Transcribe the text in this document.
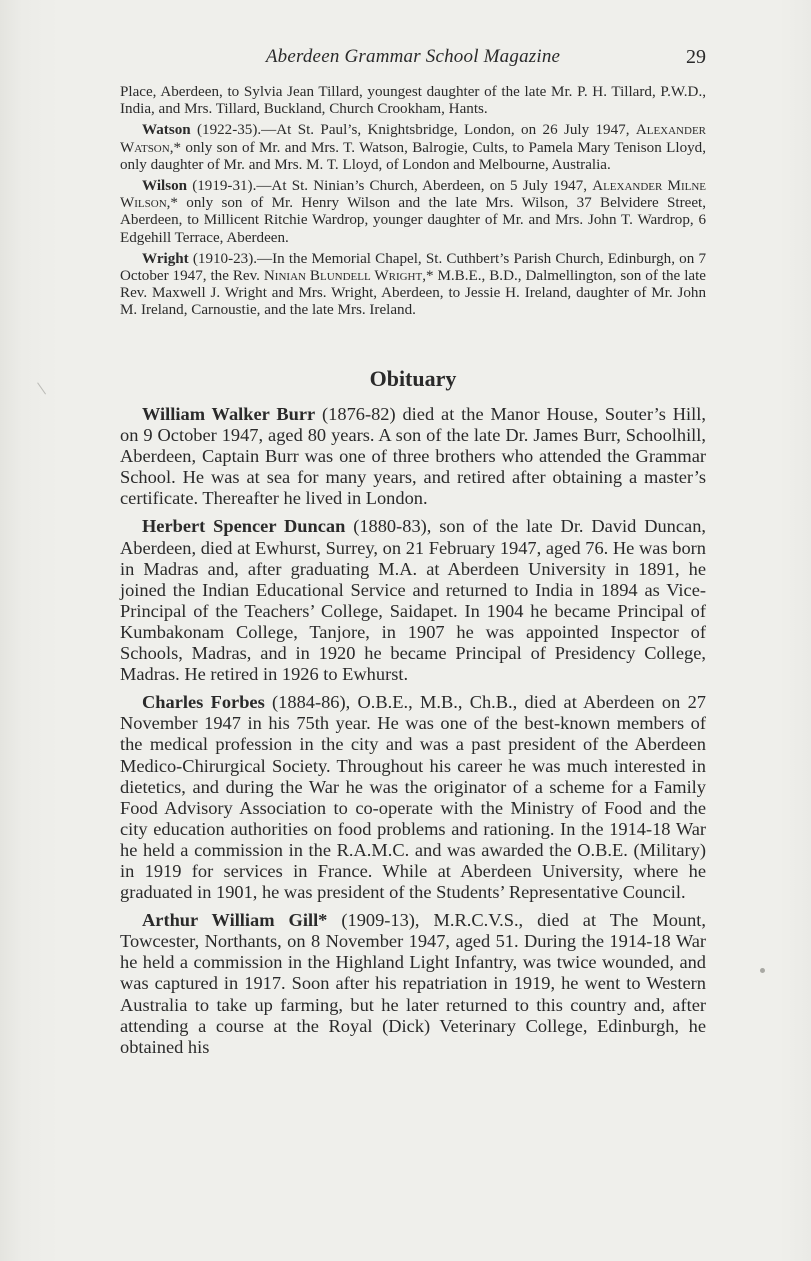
Aberdeen Grammar School Magazine	29

Place, Aberdeen, to Sylvia Jean Tillard, youngest daughter of the late Mr. P. H. Tillard, P.W.D., India, and Mrs. Tillard, Buckland, Church Crookham, Hants.

Watson (1922-35).—At St. Paul’s, Knightsbridge, London, on 26 July 1947, Alexander Watson,* only son of Mr. and Mrs. T. Watson, Balrogie, Cults, to Pamela Mary Tenison Lloyd, only daughter of Mr. and Mrs. M. T. Lloyd, of London and Melbourne, Australia.

Wilson (1919-31).—At St. Ninian’s Church, Aberdeen, on 5 July 1947, Alexander Milne Wilson,* only son of Mr. Henry Wilson and the late Mrs. Wilson, 37 Belvidere Street, Aberdeen, to Millicent Ritchie Wardrop, younger daughter of Mr. and Mrs. John T. Wardrop, 6 Edgehill Terrace, Aberdeen.

Wright (1910-23).—In the Memorial Chapel, St. Cuthbert’s Parish Church, Edinburgh, on 7 October 1947, the Rev. Ninian Blundell Wright,* M.B.E., B.D., Dalmellington, son of the late Rev. Maxwell J. Wright and Mrs. Wright, Aberdeen, to Jessie H. Ireland, daughter of Mr. John M. Ireland, Carnoustie, and the late Mrs. Ireland.

Obituary

William Walker Burr (1876-82) died at the Manor House, Souter’s Hill, on 9 October 1947, aged 80 years. A son of the late Dr. James Burr, Schoolhill, Aberdeen, Captain Burr was one of three brothers who attended the Grammar School. He was at sea for many years, and retired after obtaining a master’s certificate. Thereafter he lived in London.

Herbert Spencer Duncan (1880-83), son of the late Dr. David Duncan, Aberdeen, died at Ewhurst, Surrey, on 21 February 1947, aged 76. He was born in Madras and, after graduating M.A. at Aberdeen University in 1891, he joined the Indian Educational Service and returned to India in 1894 as Vice-Principal of the Teachers’ College, Saidapet. In 1904 he became Principal of Kumbakonam College, Tanjore, in 1907 he was appointed Inspector of Schools, Madras, and in 1920 he became Principal of Presidency College, Madras. He retired in 1926 to Ewhurst.

Charles Forbes (1884-86), O.B.E., M.B., Ch.B., died at Aberdeen on 27 November 1947 in his 75th year. He was one of the best-known members of the medical profession in the city and was a past president of the Aberdeen Medico-Chirurgical Society. Throughout his career he was much interested in dietetics, and during the War he was the originator of a scheme for a Family Food Advisory Association to co-operate with the Ministry of Food and the city education authorities on food problems and rationing. In the 1914-18 War he held a commission in the R.A.M.C. and was awarded the O.B.E. (Military) in 1919 for services in France. While at Aberdeen University, where he graduated in 1901, he was president of the Students’ Representative Council.

Arthur William Gill* (1909-13), M.R.C.V.S., died at The Mount, Towcester, Northants, on 8 November 1947, aged 51. During the 1914-18 War he held a commission in the Highland Light Infantry, was twice wounded, and was captured in 1917. Soon after his repatriation in 1919, he went to Western Australia to take up farming, but he later returned to this country and, after attending a course at the Royal (Dick) Veterinary College, Edinburgh, he obtained his
